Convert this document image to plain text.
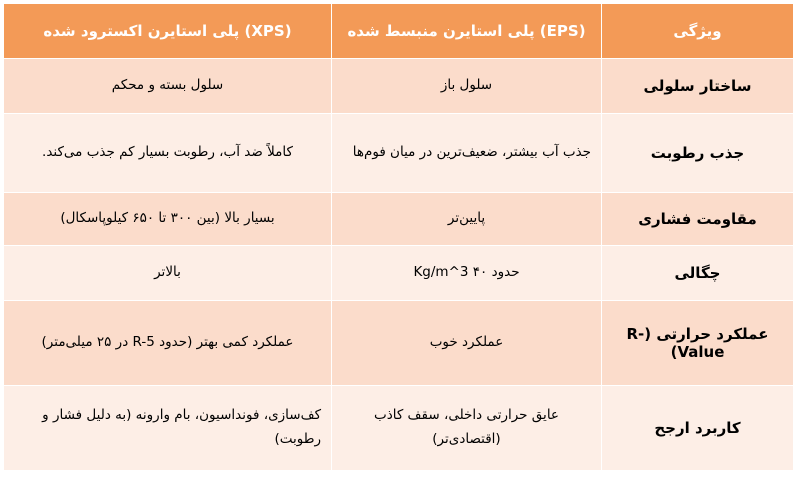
ویژگی	(EPS) پلی استایرن منبسط شده	(XPS) پلی استایرن اکسترود شده
ساختار سلولی	سلول باز	سلول بسته و محکم
جذب رطوبت	جذب آب بیشتر، ضعیف‌ترین در میان فوم‌ها	کاملاً ضد آب، رطوبت بسیار کم جذب می‌کند.
مقاومت فشاری	پایین‌تر	بسیار بالا (بین ۳۰۰ تا ۶۵۰ کیلوپاسکال)
چگالی	حدود ۴۰ Kg/m^3	بالاتر
عملکرد حرارتی (R-Value)	عملکرد خوب	عملکرد کمی بهتر (حدود R-5 در ۲۵ میلی‌متر)
کاربرد ارجح	عایق حرارتی داخلی، سقف کاذب (اقتصادی‌تر)	کف‌سازی، فونداسیون، بام وارونه (به دلیل فشار و رطوبت)
